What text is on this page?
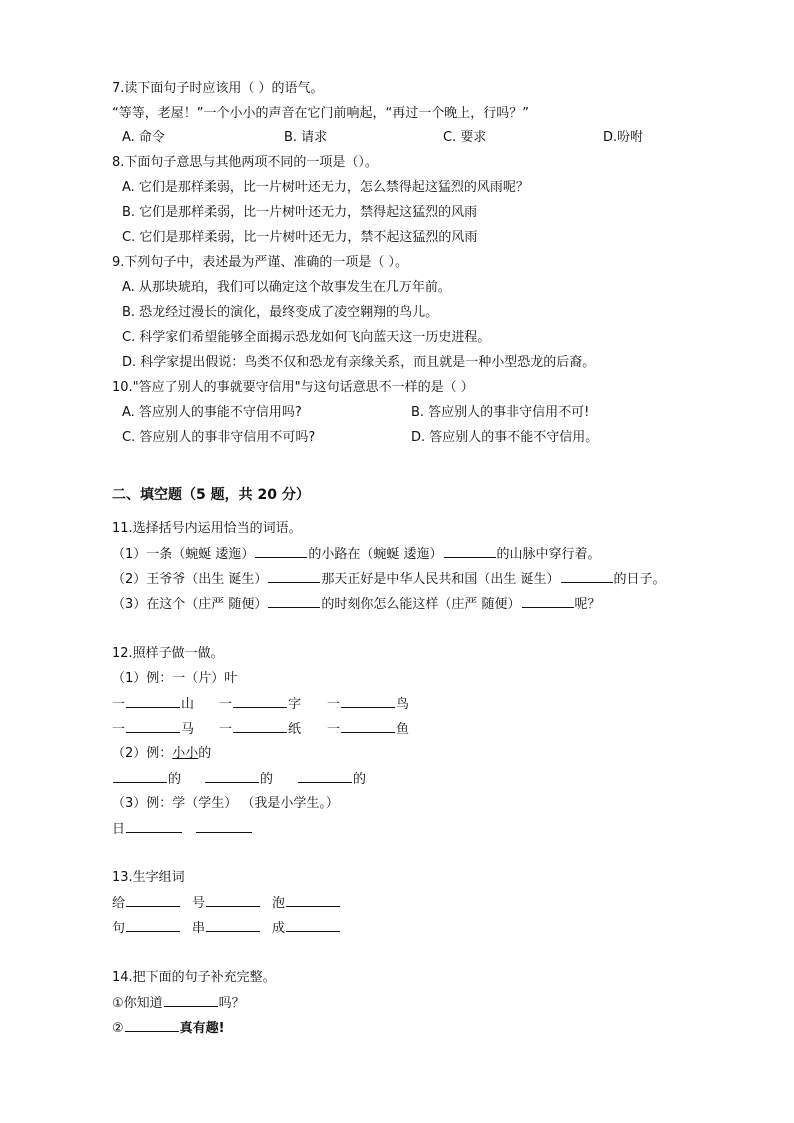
7.读下面句子时应该用（ ）的语气。
“等等，老屋！”一个小小的声音在它门前响起，“再过一个晚上，行吗？”
A. 命令	B. 请求	C. 要求	D.吩咐
8.下面句子意思与其他两项不同的一项是（）。
A. 它们是那样柔弱，比一片树叶还无力，怎么禁得起这猛烈的风雨呢？
B. 它们是那样柔弱，比一片树叶还无力，禁得起这猛烈的风雨
C. 它们是那样柔弱，比一片树叶还无力，禁不起这猛烈的风雨
9.下列句子中，表述最为严谨、准确的一项是（ ）。
A. 从那块琥珀，我们可以确定这个故事发生在几万年前。
B. 恐龙经过漫长的演化，最终变成了凌空翱翔的鸟儿。
C. 科学家们希望能够全面揭示恐龙如何飞向蓝天这一历史进程。
D. 科学家提出假说：鸟类不仅和恐龙有亲缘关系，而且就是一种小型恐龙的后裔。
10."答应了别人的事就要守信用"与这句话意思不一样的是（ ）
A. 答应别人的事能不守信用吗?	B. 答应别人的事非守信用不可!
C. 答应别人的事非守信用不可吗?	D. 答应别人的事不能不守信用。
二、填空题（5 题，共 20 分）
11.选择括号内运用恰当的词语。
（1）一条（蜿蜒 逶迤）	的小路在（蜿蜒 逶迤）	的山脉中穿行着。
（2）王爷爷（出生 诞生）	那天正好是中华人民共和国（出生 诞生）	的日子。
（3）在这个（庄严 随便）	的时刻你怎么能这样（庄严 随便）	呢？
12.照样子做一做。
（1）例：一（片）叶
一	山 一	字 一	鸟
一	马 一	纸 一	鱼
（2）例：小小的
的	的	的
（3）例：学（学生） （我是小学生。）
日
13.生字组词
给	号	泡
句	串	成
14.把下面的句子补充完整。
①你知道	吗？
②	真有趣!
